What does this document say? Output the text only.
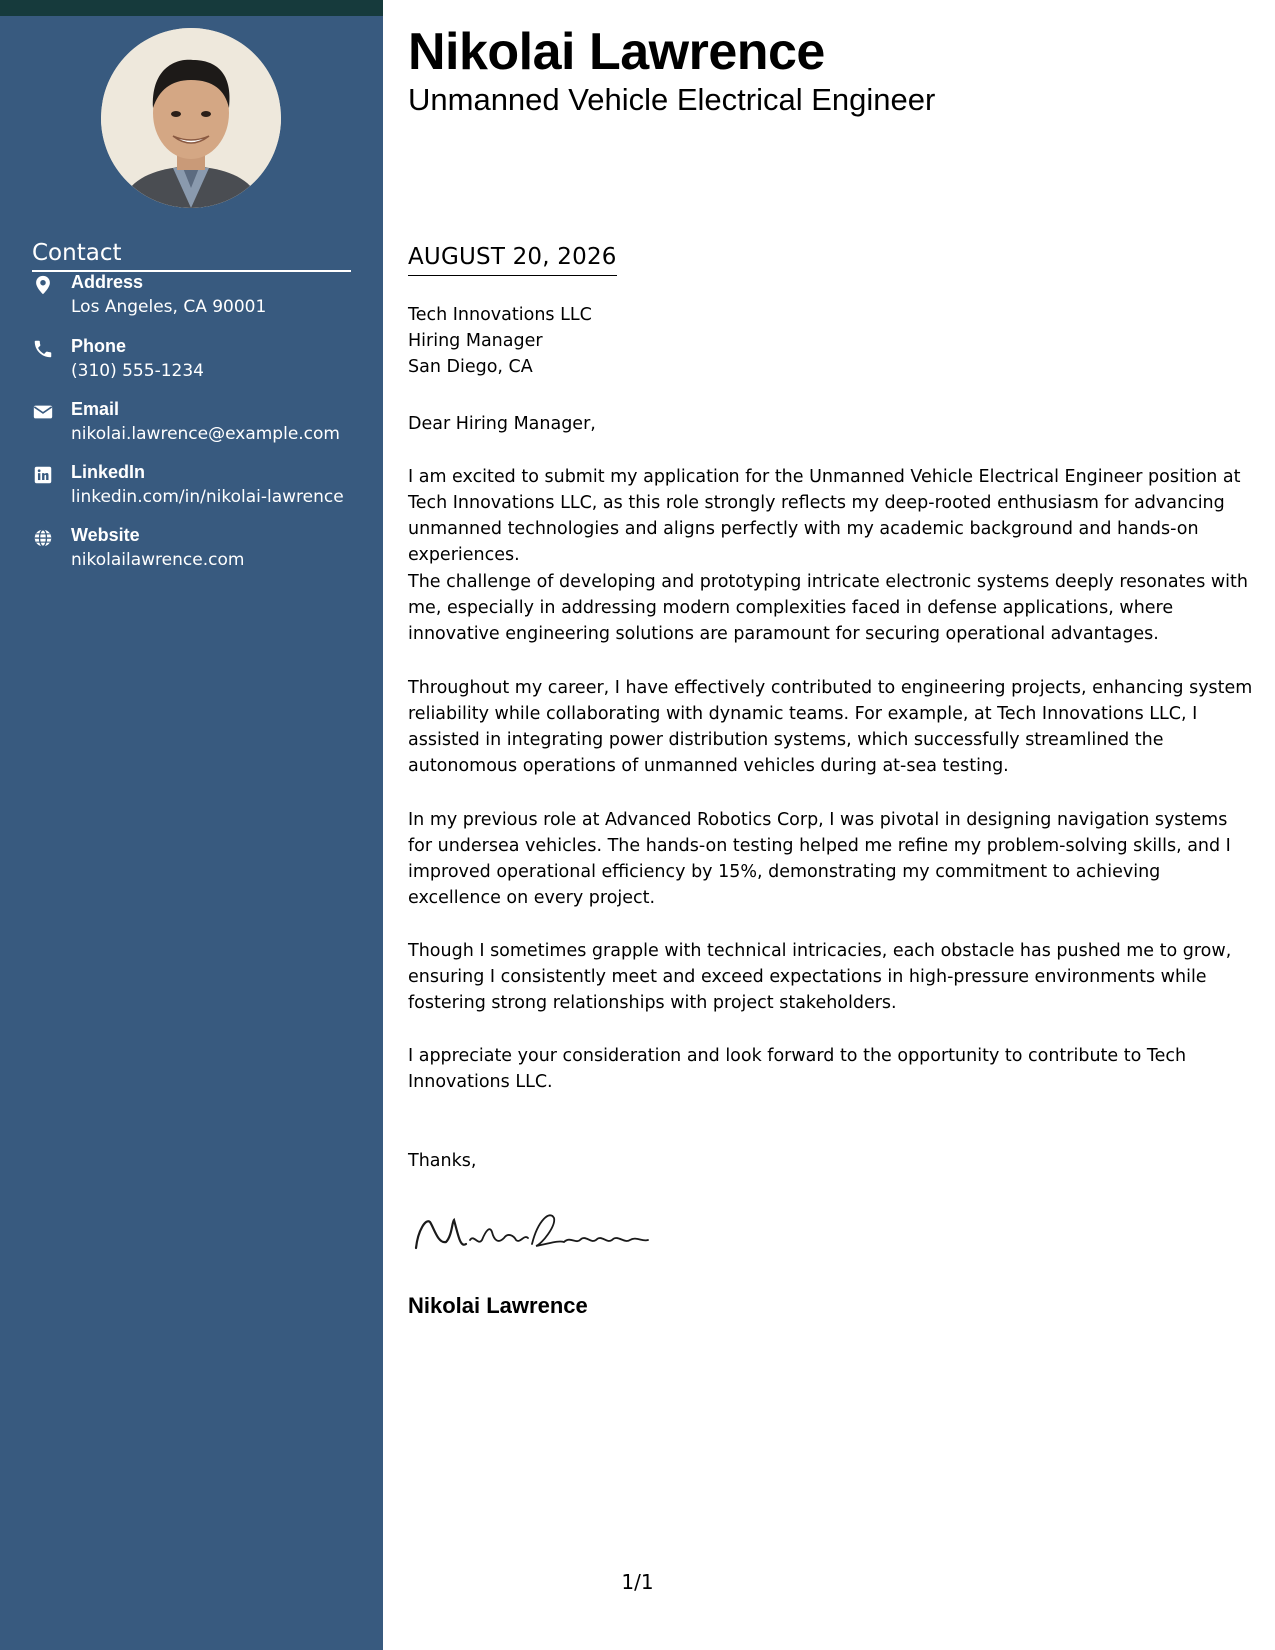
Contact
Address
Los Angeles, CA 90001
Phone
(310) 555-1234
Email
nikolai.lawrence@example.com
LinkedIn
linkedin.com/in/nikolai-lawrence
Website
nikolailawrence.com
Nikolai Lawrence
Unmanned Vehicle Electrical Engineer
AUGUST 20, 2026
Tech Innovations LLC
Hiring Manager
San Diego, CA

Dear Hiring Manager,

I am excited to submit my application for the Unmanned Vehicle Electrical Engineer position at Tech Innovations LLC, as this role strongly reflects my deep-rooted enthusiasm for advancing unmanned technologies and aligns perfectly with my academic background and hands-on experiences.

The challenge of developing and prototyping intricate electronic systems deeply resonates with me, especially in addressing modern complexities faced in defense applications, where innovative engineering solutions are paramount for securing operational advantages.

Throughout my career, I have effectively contributed to engineering projects, enhancing system reliability while collaborating with dynamic teams. For example, at Tech Innovations LLC, I assisted in integrating power distribution systems, which successfully streamlined the autonomous operations of unmanned vehicles during at-sea testing.

In my previous role at Advanced Robotics Corp, I was pivotal in designing navigation systems for undersea vehicles. The hands-on testing helped me refine my problem-solving skills, and I improved operational efficiency by 15%, demonstrating my commitment to achieving excellence on every project.

Though I sometimes grapple with technical intricacies, each obstacle has pushed me to grow, ensuring I consistently meet and exceed expectations in high-pressure environments while fostering strong relationships with project stakeholders.

I appreciate your consideration and look forward to the opportunity to contribute to Tech Innovations LLC.

Thanks,

Nikolai Lawrence
1/1
